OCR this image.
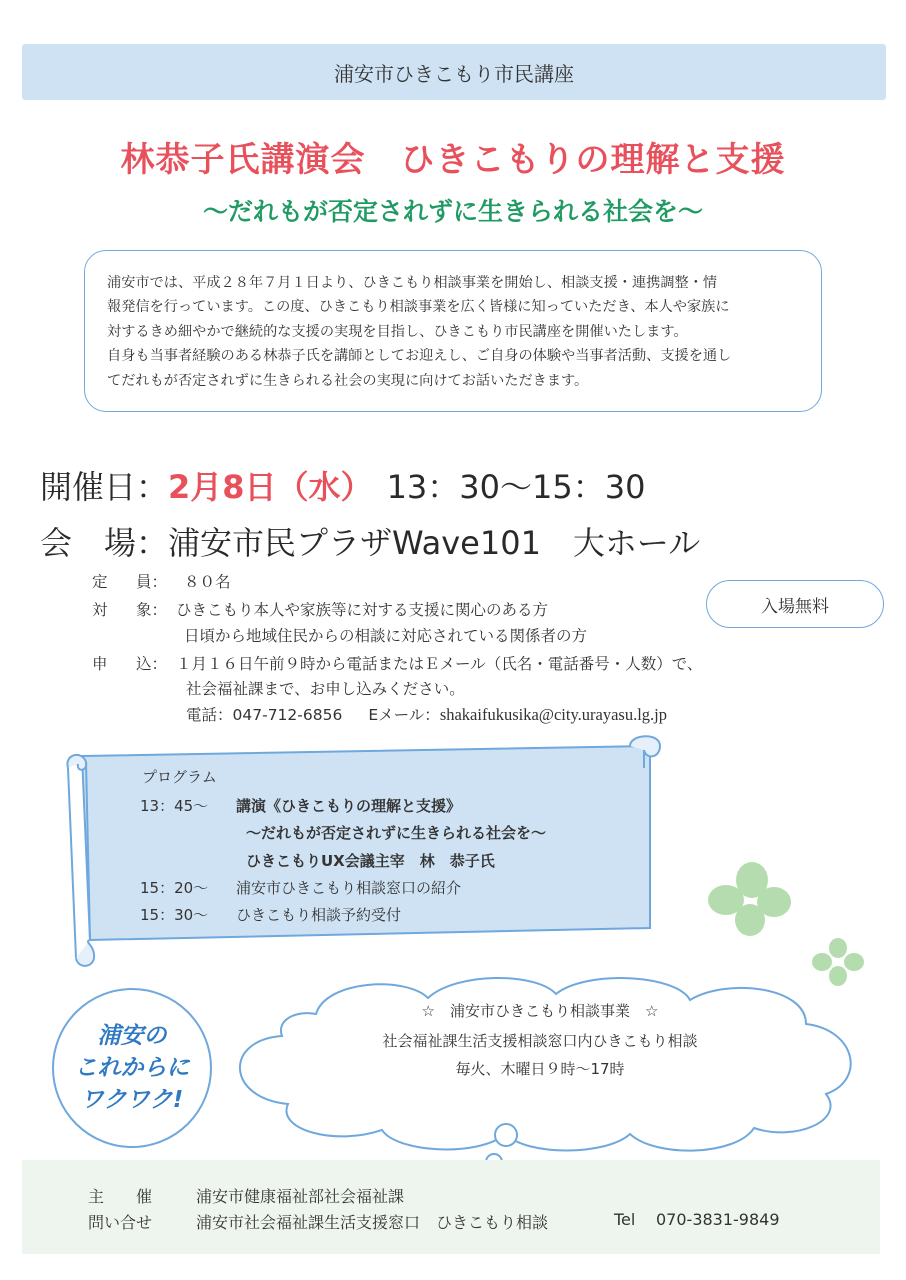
浦安市ひきこもり市民講座
林恭子氏講演会　ひきこもりの理解と支援
～だれもが否定されずに生きられる社会を～
浦安市では、平成２８年７月１日より、ひきこもり相談事業を開始し、相談支援・連携調整・情
報発信を行っています。この度、ひきこもり相談事業を広く皆様に知っていただき、本人や家族に
対するきめ細やかで継続的な支援の実現を目指し、ひきこもり市民講座を開催いたします。
自身も当事者経験のある林恭子氏を講師としてお迎えし、ご自身の体験や当事者活動、支援を通し
てだれもが否定されずに生きられる社会の実現に向けてお話いただきます。
開催日：2月8日（水） 13：30～15：30
会　場：浦安市民プラザWave101　大ホール
定 員： ８０名
対 象： ひきこもり本人や家族等に対する支援に関心のある方
日頃から地域住民からの相談に対応されている関係者の方
申 込： １月１６日午前９時から電話またはＥメール（氏名・電話番号・人数）で、
社会福祉課まで、お申し込みください。
電話：047-712-6856 Eメール：shakaifukusika@city.urayasu.lg.jp
入場無料
プログラム
13：45～ 講演《ひきこもりの理解と支援》
～だれもが否定されずに生きられる社会を～
ひきこもりUX会議主宰　林　恭子氏
15：20～ 浦安市ひきこもり相談窓口の紹介
15：30～ ひきこもり相談予約受付
浦安の
これからに
ワクワク!
☆　浦安市ひきこもり相談事業　☆
社会福祉課生活支援相談窓口内ひきこもり相談
毎火、木曜日９時～17時
主　　催	浦安市健康福祉部社会福祉課
問い合せ	浦安市社会福祉課生活支援窓口　ひきこもり相談	Tel 070-3831-9849
